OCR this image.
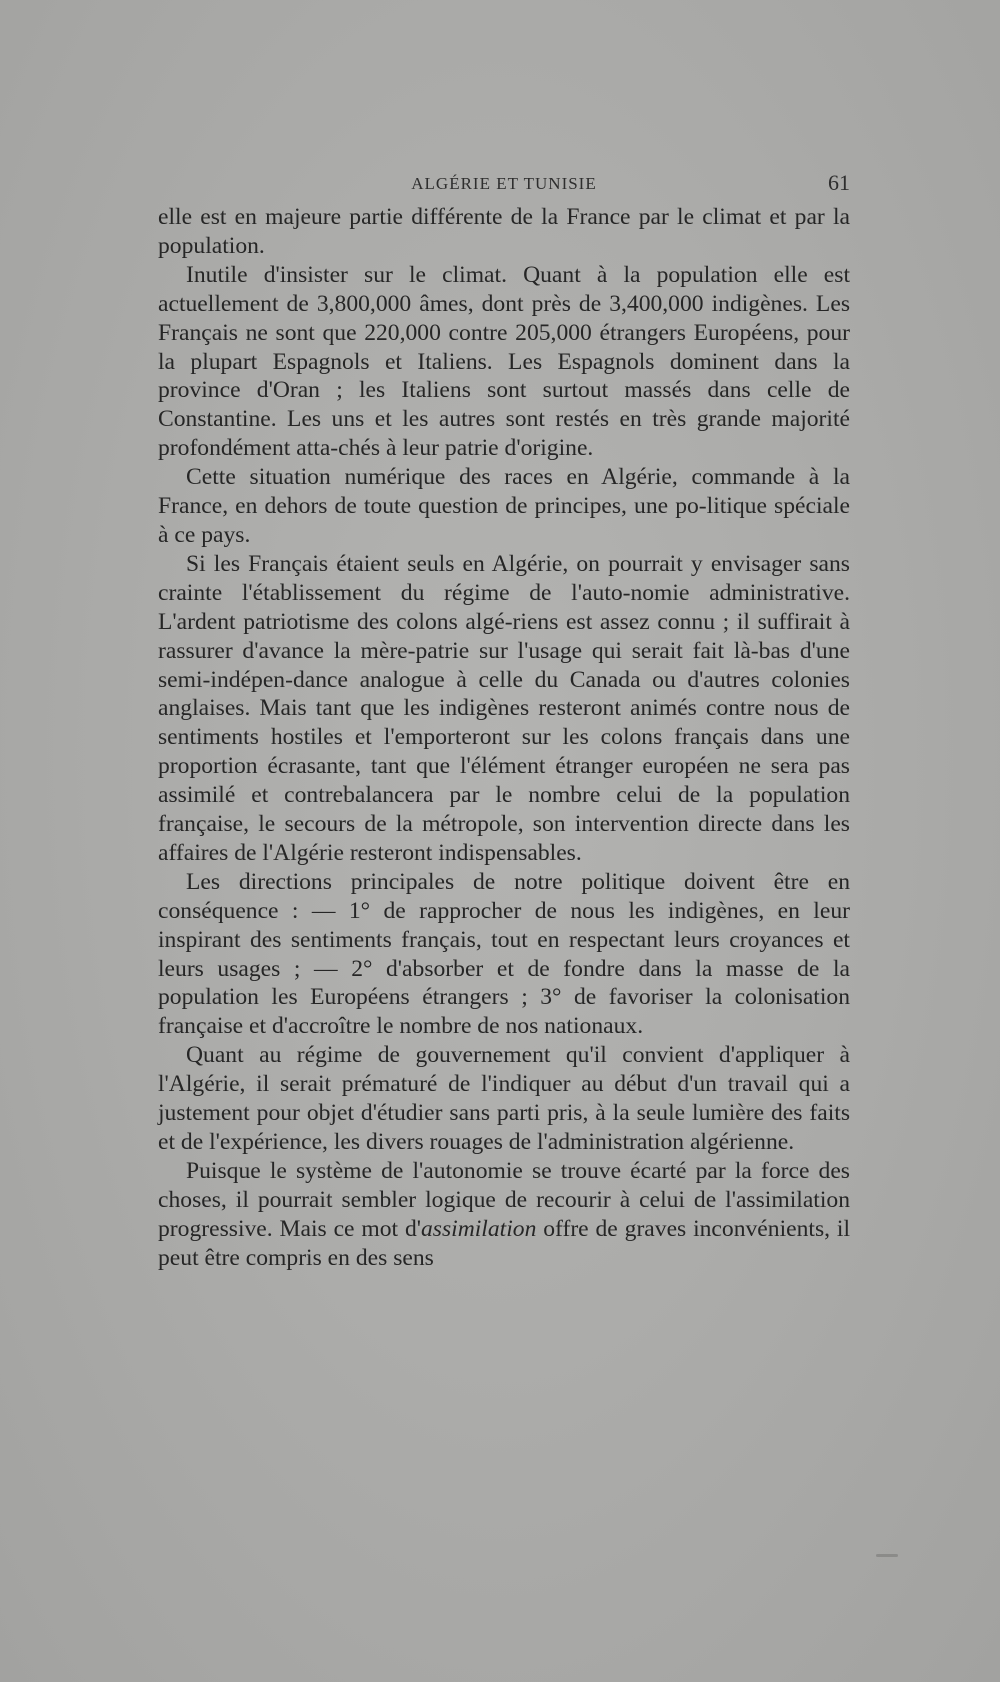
ALGÉRIE ET TUNISIE	61

elle est en majeure partie différente de la France par le climat et par la population.

Inutile d'insister sur le climat. Quant à la population elle est actuellement de 3,800,000 âmes, dont près de 3,400,000 indigènes. Les Français ne sont que 220,000 contre 205,000 étrangers Européens, pour la plupart Espagnols et Italiens. Les Espagnols dominent dans la province d'Oran ; les Italiens sont surtout massés dans celle de Constantine. Les uns et les autres sont restés en très grande majorité profondément atta-chés à leur patrie d'origine.

Cette situation numérique des races en Algérie, commande à la France, en dehors de toute question de principes, une po-litique spéciale à ce pays.

Si les Français étaient seuls en Algérie, on pourrait y envisager sans crainte l'établissement du régime de l'auto-nomie administrative. L'ardent patriotisme des colons algé-riens est assez connu ; il suffirait à rassurer d'avance la mère-patrie sur l'usage qui serait fait là-bas d'une semi-indépen-dance analogue à celle du Canada ou d'autres colonies anglaises. Mais tant que les indigènes resteront animés contre nous de sentiments hostiles et l'emporteront sur les colons français dans une proportion écrasante, tant que l'élément étranger européen ne sera pas assimilé et contrebalancera par le nombre celui de la population française, le secours de la métropole, son intervention directe dans les affaires de l'Algérie resteront indispensables.

Les directions principales de notre politique doivent être en conséquence : — 1° de rapprocher de nous les indigènes, en leur inspirant des sentiments français, tout en respectant leurs croyances et leurs usages ; — 2° d'absorber et de fondre dans la masse de la population les Européens étrangers ; 3° de favoriser la colonisation française et d'accroître le nombre de nos nationaux.

Quant au régime de gouvernement qu'il convient d'appliquer à l'Algérie, il serait prématuré de l'indiquer au début d'un travail qui a justement pour objet d'étudier sans parti pris, à la seule lumière des faits et de l'expérience, les divers rouages de l'administration algérienne.

Puisque le système de l'autonomie se trouve écarté par la force des choses, il pourrait sembler logique de recourir à celui de l'assimilation progressive. Mais ce mot d'assimilation offre de graves inconvénients, il peut être compris en des sens
